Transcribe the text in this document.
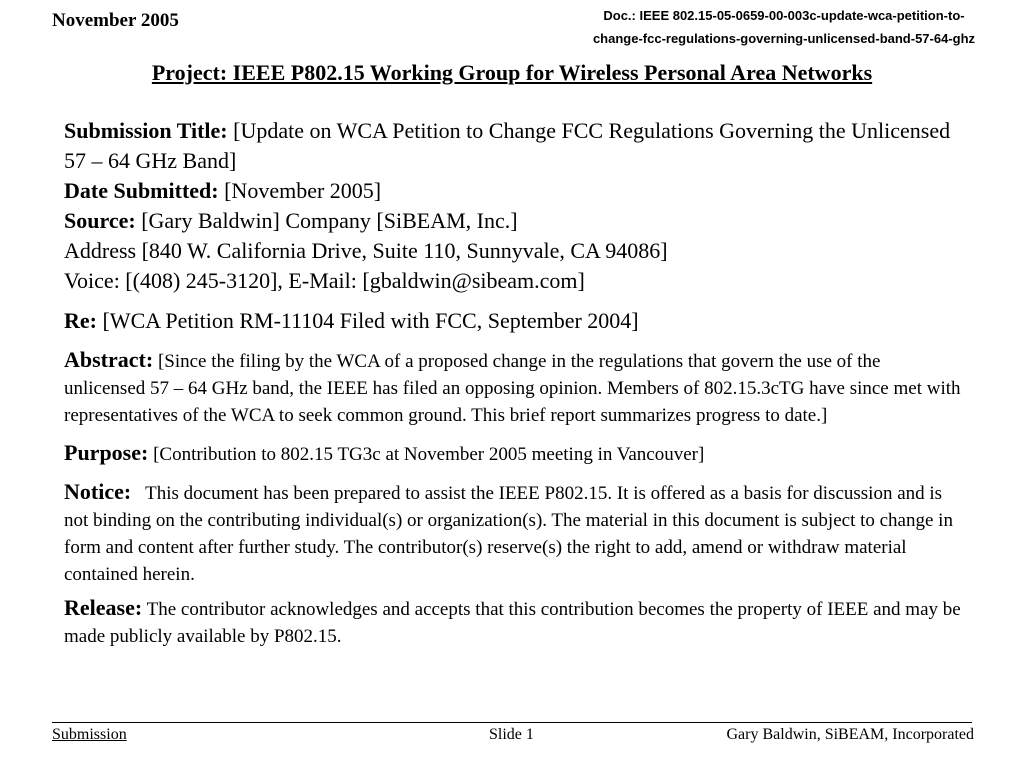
November 2005	Doc.: IEEE 802.15-05-0659-00-003c-update-wca-petition-to-
change-fcc-regulations-governing-unlicensed-band-57-64-ghz
Project: IEEE P802.15 Working Group for Wireless Personal Area Networks
Submission Title: [Update on WCA Petition to Change FCC Regulations Governing the Unlicensed 57 – 64 GHz Band]
Date Submitted: [November 2005]
Source: [Gary Baldwin] Company [SiBEAM, Inc.]
Address [840 W. California Drive, Suite 110, Sunnyvale, CA 94086]
Voice: [(408) 245-3120], E-Mail: [gbaldwin@sibeam.com]
Re: [WCA Petition RM-11104 Filed with FCC, September 2004]
Abstract: [Since the filing by the WCA of a proposed change in the regulations that govern the use of the unlicensed 57 – 64 GHz band, the IEEE has filed an opposing opinion. Members of 802.15.3cTG have since met with representatives of the WCA to seek common ground. This brief report summarizes progress to date.]
Purpose: [Contribution to 802.15 TG3c at November 2005 meeting in Vancouver]
Notice: This document has been prepared to assist the IEEE P802.15. It is offered as a basis for discussion and is not binding on the contributing individual(s) or organization(s). The material in this document is subject to change in form and content after further study. The contributor(s) reserve(s) the right to add, amend or withdraw material contained herein.
Release: The contributor acknowledges and accepts that this contribution becomes the property of IEEE and may be made publicly available by P802.15.
Submission	Slide 1	Gary Baldwin, SiBEAM, Incorporated
